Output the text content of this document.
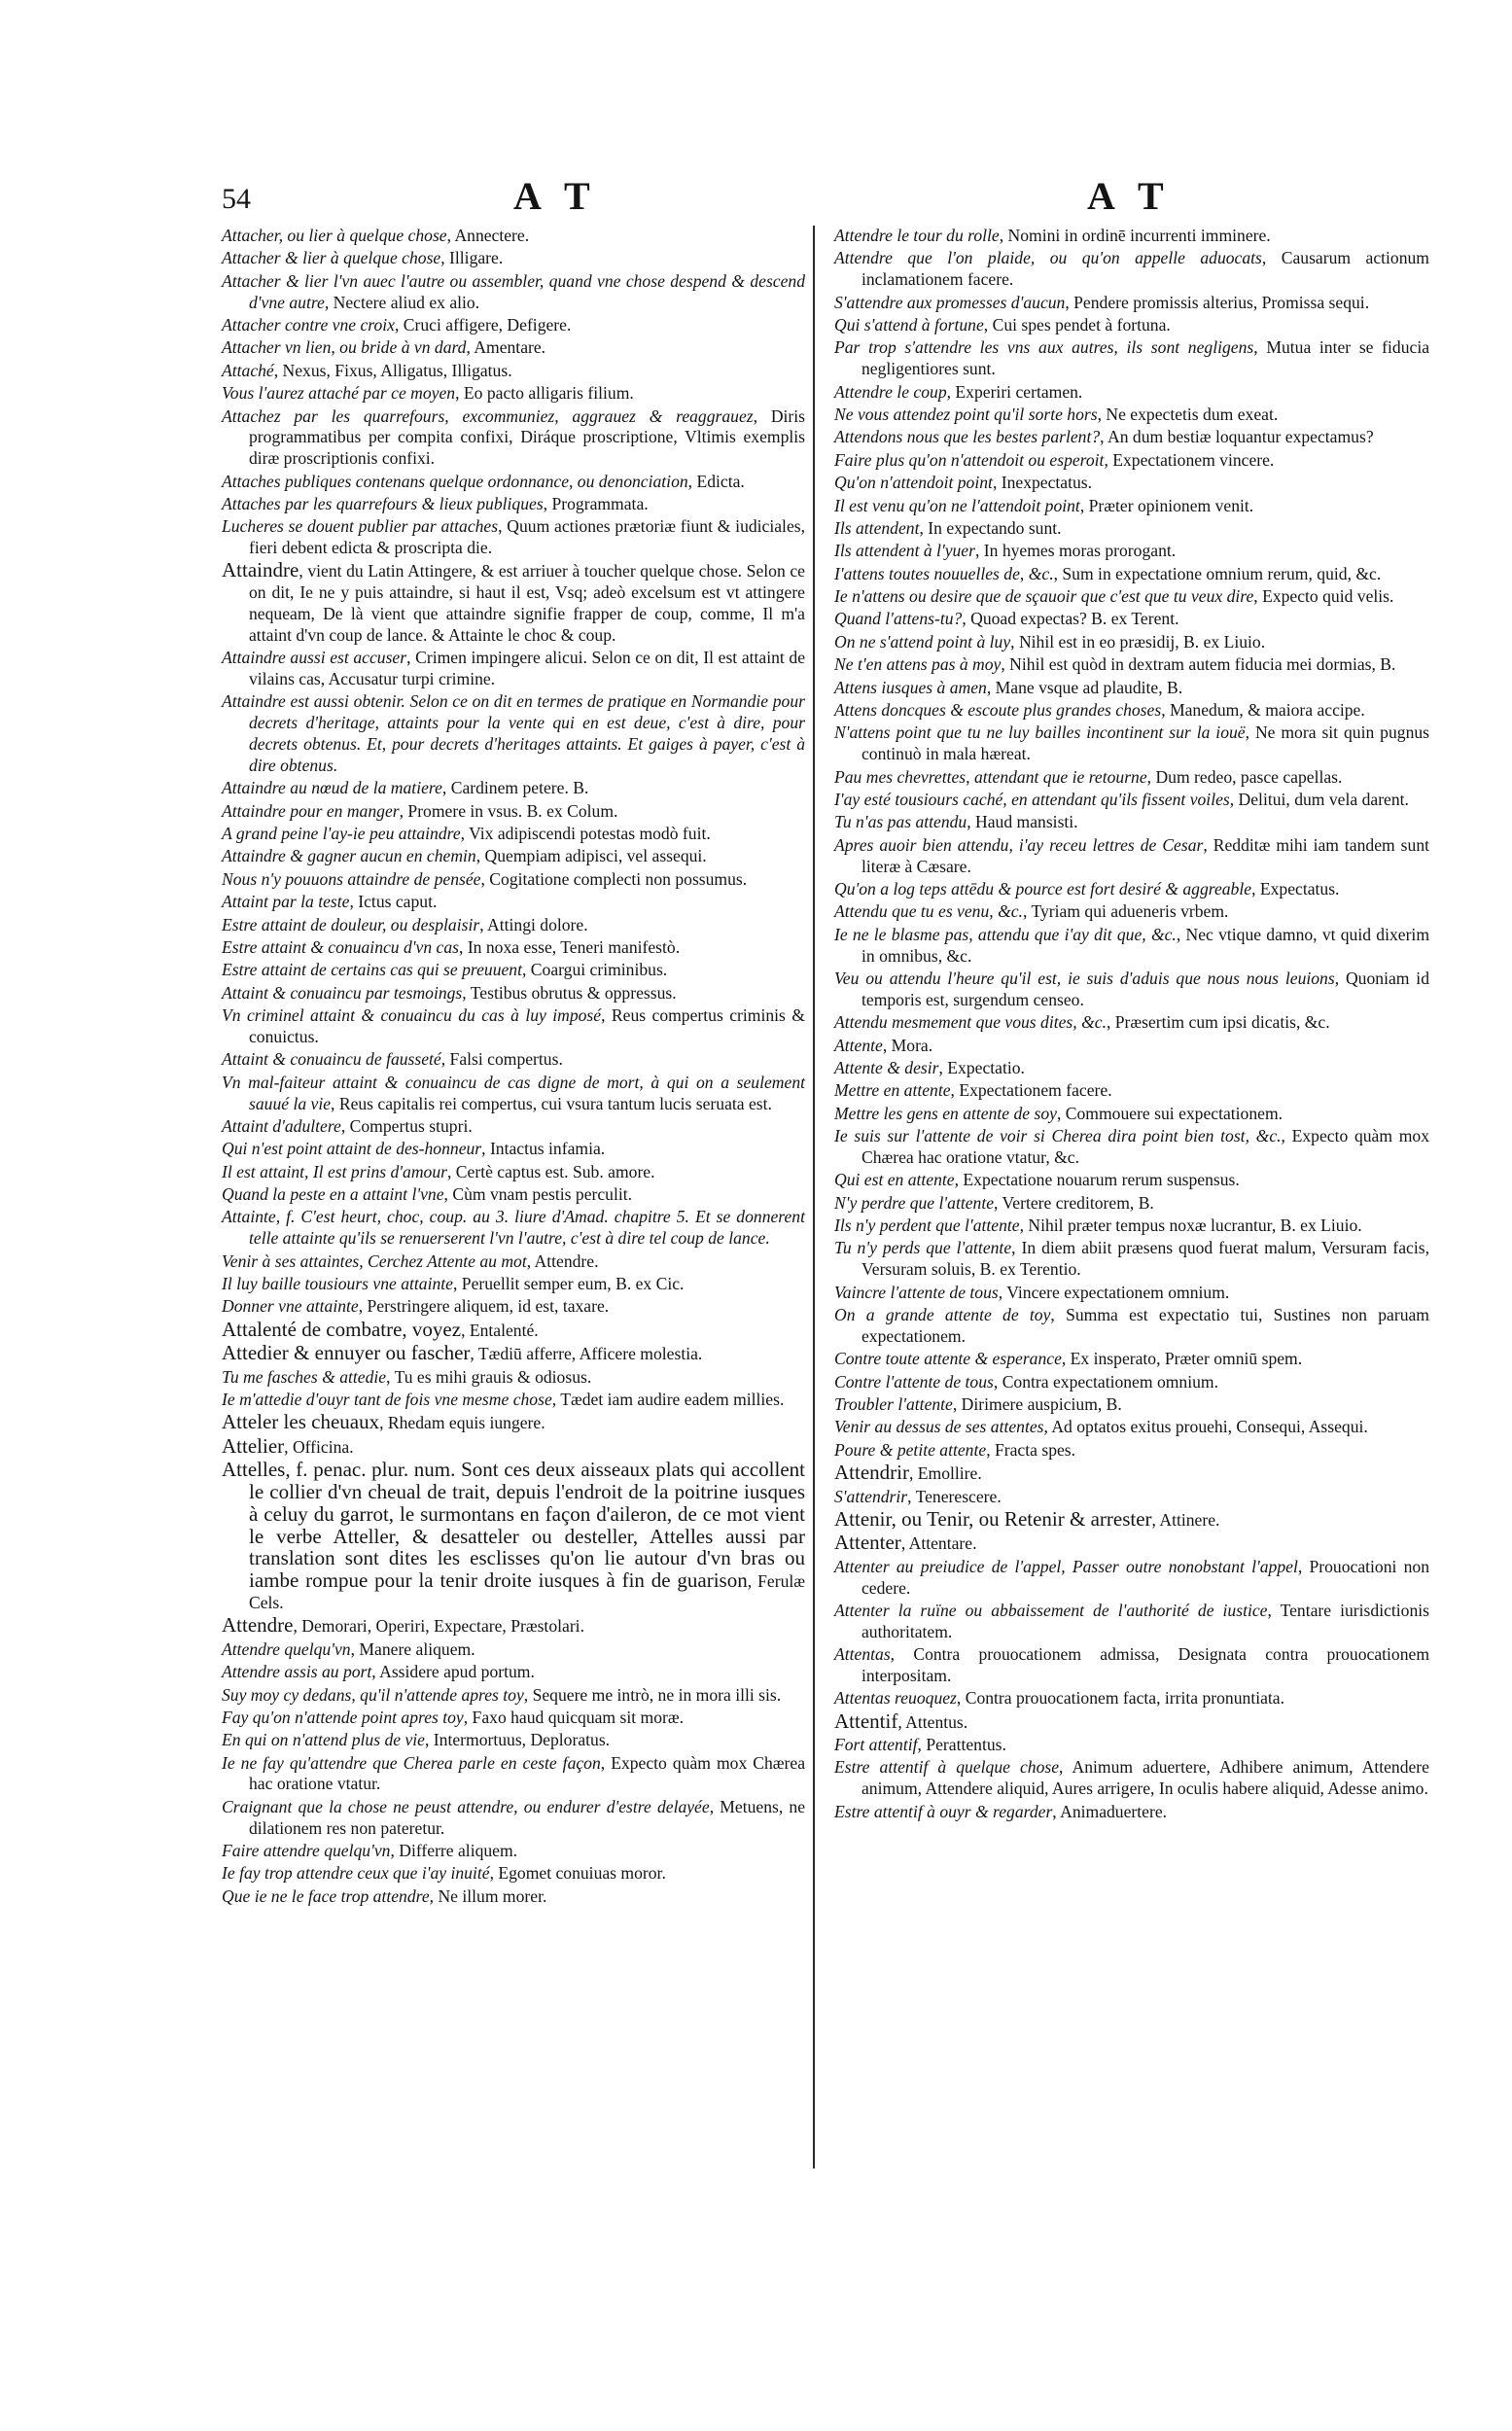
54	A T	A T

Attacher, ou lier à quelque chose, Annectere.

Attacher & lier à quelque chose, Illigare.

Attacher & lier l'vn auec l'autre ou assembler, quand vne chose despend & descend d'vne autre, Nectere aliud ex alio.

Attacher contre vne croix, Cruci affigere, Defigere.

Attacher vn lien, ou bride à vn dard, Amentare.

Attaché, Nexus, Fixus, Alligatus, Illigatus.

Vous l'aurez attaché par ce moyen, Eo pacto alligaris filium.

Attachez par les quarrefours, excommuniez, aggrauez & reaggrauez, Diris programmatibus per compita confixi, Diráque proscriptione, Vltimis exemplis diræ proscriptionis confixi.

Attaches publiques contenans quelque ordonnance, ou denonciation, Edicta.

Attaches par les quarrefours & lieux publiques, Programmata.

Lucheres se douent publier par attaches, Quum actiones prætoriæ fiunt & iudiciales, fieri debent edicta & proscripta die.

Attaindre, vient du Latin Attingere, & est arriuer à toucher quelque chose. Selon ce on dit, Ie ne y puis attaindre, si haut il est, Vsq; adeò excelsum est vt attingere nequeam, De là vient que attaindre signifie frapper de coup, comme, Il m'a attaint d'vn coup de lance. & Attainte le choc & coup.

Attaindre aussi est accuser, Crimen impingere alicui. Selon ce on dit, Il est attaint de vilains cas, Accusatur turpi crimine.

Attaindre est aussi obtenir. Selon ce on dit en termes de pratique en Normandie pour decrets d'heritage, attaints pour la vente qui en est deue, c'est à dire, pour decrets obtenus. Et, pour decrets d'heritages attaints. Et gaiges à payer, c'est à dire obtenus.

Attaindre au nœud de la matiere, Cardinem petere. B.

Attaindre pour en manger, Promere in vsus. B. ex Colum.

A grand peine l'ay-ie peu attaindre, Vix adipiscendi potestas modò fuit.

Attaindre & gagner aucun en chemin, Quempiam adipisci, vel assequi.

Nous n'y pouuons attaindre de pensée, Cogitatione complecti non possumus.

Attaint par la teste, Ictus caput.

Estre attaint de douleur, ou desplaisir, Attingi dolore.

Estre attaint & conuaincu d'vn cas, In noxa esse, Teneri manifestò.

Estre attaint de certains cas qui se preuuent, Coargui criminibus.

Attaint & conuaincu par tesmoings, Testibus obrutus & oppressus.

Vn criminel attaint & conuaincu du cas à luy imposé, Reus compertus criminis & conuictus.

Attaint & conuaincu de fausseté, Falsi compertus.

Vn mal-faiteur attaint & conuaincu de cas digne de mort, à qui on a seulement sauué la vie, Reus capitalis rei compertus, cui vsura tantum lucis seruata est.

Attaint d'adultere, Compertus stupri.

Qui n'est point attaint de des-honneur, Intactus infamia.

Il est attaint, Il est prins d'amour, Certè captus est. Sub. amore.

Quand la peste en a attaint l'vne, Cùm vnam pestis perculit.

Attainte, f. C'est heurt, choc, coup. au 3. liure d'Amad. chapitre 5. Et se donnerent telle attainte qu'ils se renuerserent l'vn l'autre, c'est à dire tel coup de lance.

Venir à ses attaintes, Cerchez Attente au mot, Attendre.

Il luy baille tousiours vne attainte, Peruellit semper eum, B. ex Cic.

Donner vne attainte, Perstringere aliquem, id est, taxare.

Attalenté de combatre, voyez, Entalenté.

Attedier & ennuyer ou fascher, Tædiū afferre, Afficere molestia.

Tu me fasches & attedie, Tu es mihi grauis & odiosus.

Ie m'attedie d'ouyr tant de fois vne mesme chose, Tædet iam audire eadem millies.

Atteler les cheuaux, Rhedam equis iungere.

Attelier, Officina.

Attelles, f. penac. plur. num. Sont ces deux aisseaux plats qui accollent le collier d'vn cheual de trait, depuis l'endroit de la poitrine iusques à celuy du garrot, le surmontans en façon d'aileron, de ce mot vient le verbe Atteller, & desatteler ou desteller, Attelles aussi par translation sont dites les esclisses qu'on lie autour d'vn bras ou iambe rompue pour la tenir droite iusques à fin de guarison, Ferulæ Cels.

Attendre, Demorari, Operiri, Expectare, Præstolari.

Attendre quelqu'vn, Manere aliquem.

Attendre assis au port, Assidere apud portum.

Suy moy cy dedans, qu'il n'attende apres toy, Sequere me intrò, ne in mora illi sis.

Fay qu'on n'attende point apres toy, Faxo haud quicquam sit moræ.

En qui on n'attend plus de vie, Intermortuus, Deploratus.

Ie ne fay qu'attendre que Cherea parle en ceste façon, Expecto quàm mox Chærea hac oratione vtatur.

Craignant que la chose ne peust attendre, ou endurer d'estre delayée, Metuens, ne dilationem res non pateretur.

Faire attendre quelqu'vn, Differre aliquem.

Ie fay trop attendre ceux que i'ay inuité, Egomet conuiuas moror.

Que ie ne le face trop attendre, Ne illum morer.

Attendre le tour du rolle, Nomini in ordinē incurrenti imminere.

Attendre que l'on plaide, ou qu'on appelle aduocats, Causarum actionum inclamationem facere.

S'attendre aux promesses d'aucun, Pendere promissis alterius, Promissa sequi.

Qui s'attend à fortune, Cui spes pendet à fortuna.

Par trop s'attendre les vns aux autres, ils sont negligens, Mutua inter se fiducia negligentiores sunt.

Attendre le coup, Experiri certamen.

Ne vous attendez point qu'il sorte hors, Ne expectetis dum exeat.

Attendons nous que les bestes parlent?, An dum bestiæ loquantur expectamus?

Faire plus qu'on n'attendoit ou esperoit, Expectationem vincere.

Qu'on n'attendoit point, Inexpectatus.

Il est venu qu'on ne l'attendoit point, Præter opinionem venit.

Ils attendent, In expectando sunt.

Ils attendent à l'yuer, In hyemes moras prorogant.

I'attens toutes nouuelles de, &c., Sum in expectatione omnium rerum, quid, &c.

Ie n'attens ou desire que de sçauoir que c'est que tu veux dire, Expecto quid velis.

Quand l'attens-tu?, Quoad expectas? B. ex Terent.

On ne s'attend point à luy, Nihil est in eo præsidij, B. ex Liuio.

Ne t'en attens pas à moy, Nihil est quòd in dextram autem fiducia mei dormias, B.

Attens iusques à amen, Mane vsque ad plaudite, B.

Attens doncques & escoute plus grandes choses, Manedum, & maiora accipe.

N'attens point que tu ne luy bailles incontinent sur la iouë, Ne mora sit quin pugnus continuò in mala hæreat.

Pau mes chevrettes, attendant que ie retourne, Dum redeo, pasce capellas.

I'ay esté tousiours caché, en attendant qu'ils fissent voiles, Delitui, dum vela darent.

Tu n'as pas attendu, Haud mansisti.

Apres auoir bien attendu, i'ay receu lettres de Cesar, Redditæ mihi iam tandem sunt literæ à Cæsare.

Qu'on a log teps attēdu & pource est fort desiré & aggreable, Expectatus.

Attendu que tu es venu, &c., Tyriam qui adueneris vrbem.

Ie ne le blasme pas, attendu que i'ay dit que, &c., Nec vtique damno, vt quid dixerim in omnibus, &c.

Veu ou attendu l'heure qu'il est, ie suis d'aduis que nous nous leuions, Quoniam id temporis est, surgendum censeo.

Attendu mesmement que vous dites, &c., Præsertim cum ipsi dicatis, &c.

Attente, Mora.

Attente & desir, Expectatio.

Mettre en attente, Expectationem facere.

Mettre les gens en attente de soy, Commouere sui expectationem.

Ie suis sur l'attente de voir si Cherea dira point bien tost, &c., Expecto quàm mox Chærea hac oratione vtatur, &c.

Qui est en attente, Expectatione nouarum rerum suspensus.

N'y perdre que l'attente, Vertere creditorem, B.

Ils n'y perdent que l'attente, Nihil præter tempus noxæ lucrantur, B. ex Liuio.

Tu n'y perds que l'attente, In diem abiit præsens quod fuerat malum, Versuram facis, Versuram soluis, B. ex Terentio.

Vaincre l'attente de tous, Vincere expectationem omnium.

On a grande attente de toy, Summa est expectatio tui, Sustines non paruam expectationem.

Contre toute attente & esperance, Ex insperato, Præter omniū spem.

Contre l'attente de tous, Contra expectationem omnium.

Troubler l'attente, Dirimere auspicium, B.

Venir au dessus de ses attentes, Ad optatos exitus prouehi, Consequi, Assequi.

Poure & petite attente, Fracta spes.

Attendrir, Emollire.

S'attendrir, Tenerescere.

Attenir, ou Tenir, ou Retenir & arrester, Attinere.

Attenter, Attentare.

Attenter au preiudice de l'appel, Passer outre nonobstant l'appel, Prouocationi non cedere.

Attenter la ruïne ou abbaissement de l'authorité de iustice, Tentare iurisdictionis authoritatem.

Attentas, Contra prouocationem admissa, Designata contra prouocationem interpositam.

Attentas reuoquez, Contra prouocationem facta, irrita pronuntiata.

Attentif, Attentus.

Fort attentif, Perattentus.

Estre attentif à quelque chose, Animum aduertere, Adhibere animum, Attendere animum, Attendere aliquid, Aures arrigere, In oculis habere aliquid, Adesse animo.

Estre attentif à ouyr & regarder, Animaduertere.
